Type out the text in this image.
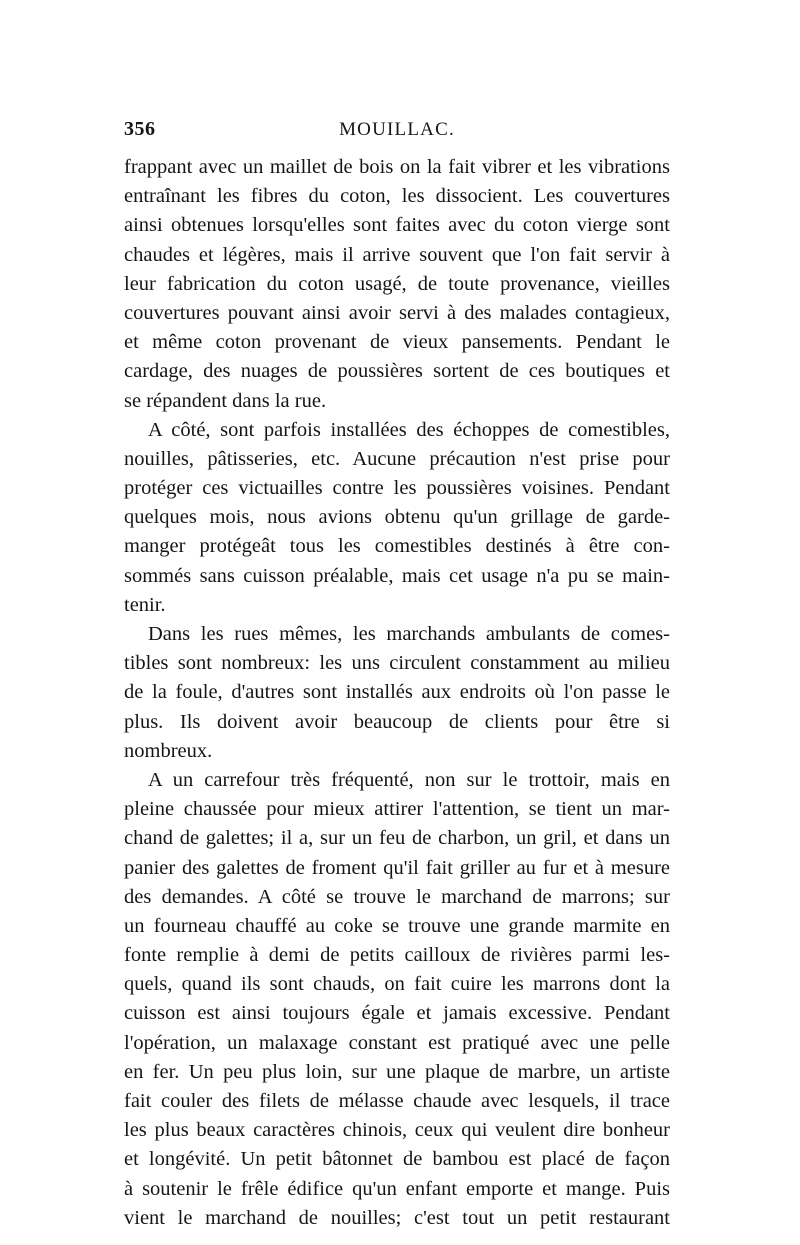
356	MOUILLAC.
frappant avec un maillet de bois on la fait vibrer et les vibrations
entraînant les fibres du coton, les dissocient. Les couvertures
ainsi obtenues lorsqu'elles sont faites avec du coton vierge sont
chaudes et légères, mais il arrive souvent que l'on fait servir à
leur fabrication du coton usagé, de toute provenance, vieilles
couvertures pouvant ainsi avoir servi à des malades contagieux,
et même coton provenant de vieux pansements. Pendant le
cardage, des nuages de poussières sortent de ces boutiques et
se répandent dans la rue.
A côté, sont parfois installées des échoppes de comestibles,
nouilles, pâtisseries, etc. Aucune précaution n'est prise pour
protéger ces victuailles contre les poussières voisines. Pendant
quelques mois, nous avions obtenu qu'un grillage de garde-
manger protégeât tous les comestibles destinés à être con-
sommés sans cuisson préalable, mais cet usage n'a pu se main-
tenir.
Dans les rues mêmes, les marchands ambulants de comes-
tibles sont nombreux: les uns circulent constamment au milieu
de la foule, d'autres sont installés aux endroits où l'on passe le
plus. Ils doivent avoir beaucoup de clients pour être si
nombreux.
A un carrefour très fréquenté, non sur le trottoir, mais en
pleine chaussée pour mieux attirer l'attention, se tient un mar-
chand de galettes; il a, sur un feu de charbon, un gril, et dans un
panier des galettes de froment qu'il fait griller au fur et à mesure
des demandes. A côté se trouve le marchand de marrons; sur
un fourneau chauffé au coke se trouve une grande marmite en
fonte remplie à demi de petits cailloux de rivières parmi les-
quels, quand ils sont chauds, on fait cuire les marrons dont la
cuisson est ainsi toujours égale et jamais excessive. Pendant
l'opération, un malaxage constant est pratiqué avec une pelle
en fer. Un peu plus loin, sur une plaque de marbre, un artiste
fait couler des filets de mélasse chaude avec lesquels, il trace
les plus beaux caractères chinois, ceux qui veulent dire bonheur
et longévité. Un petit bâtonnet de bambou est placé de façon
à soutenir le frêle édifice qu'un enfant emporte et mange. Puis
vient le marchand de nouilles; c'est tout un petit restaurant
